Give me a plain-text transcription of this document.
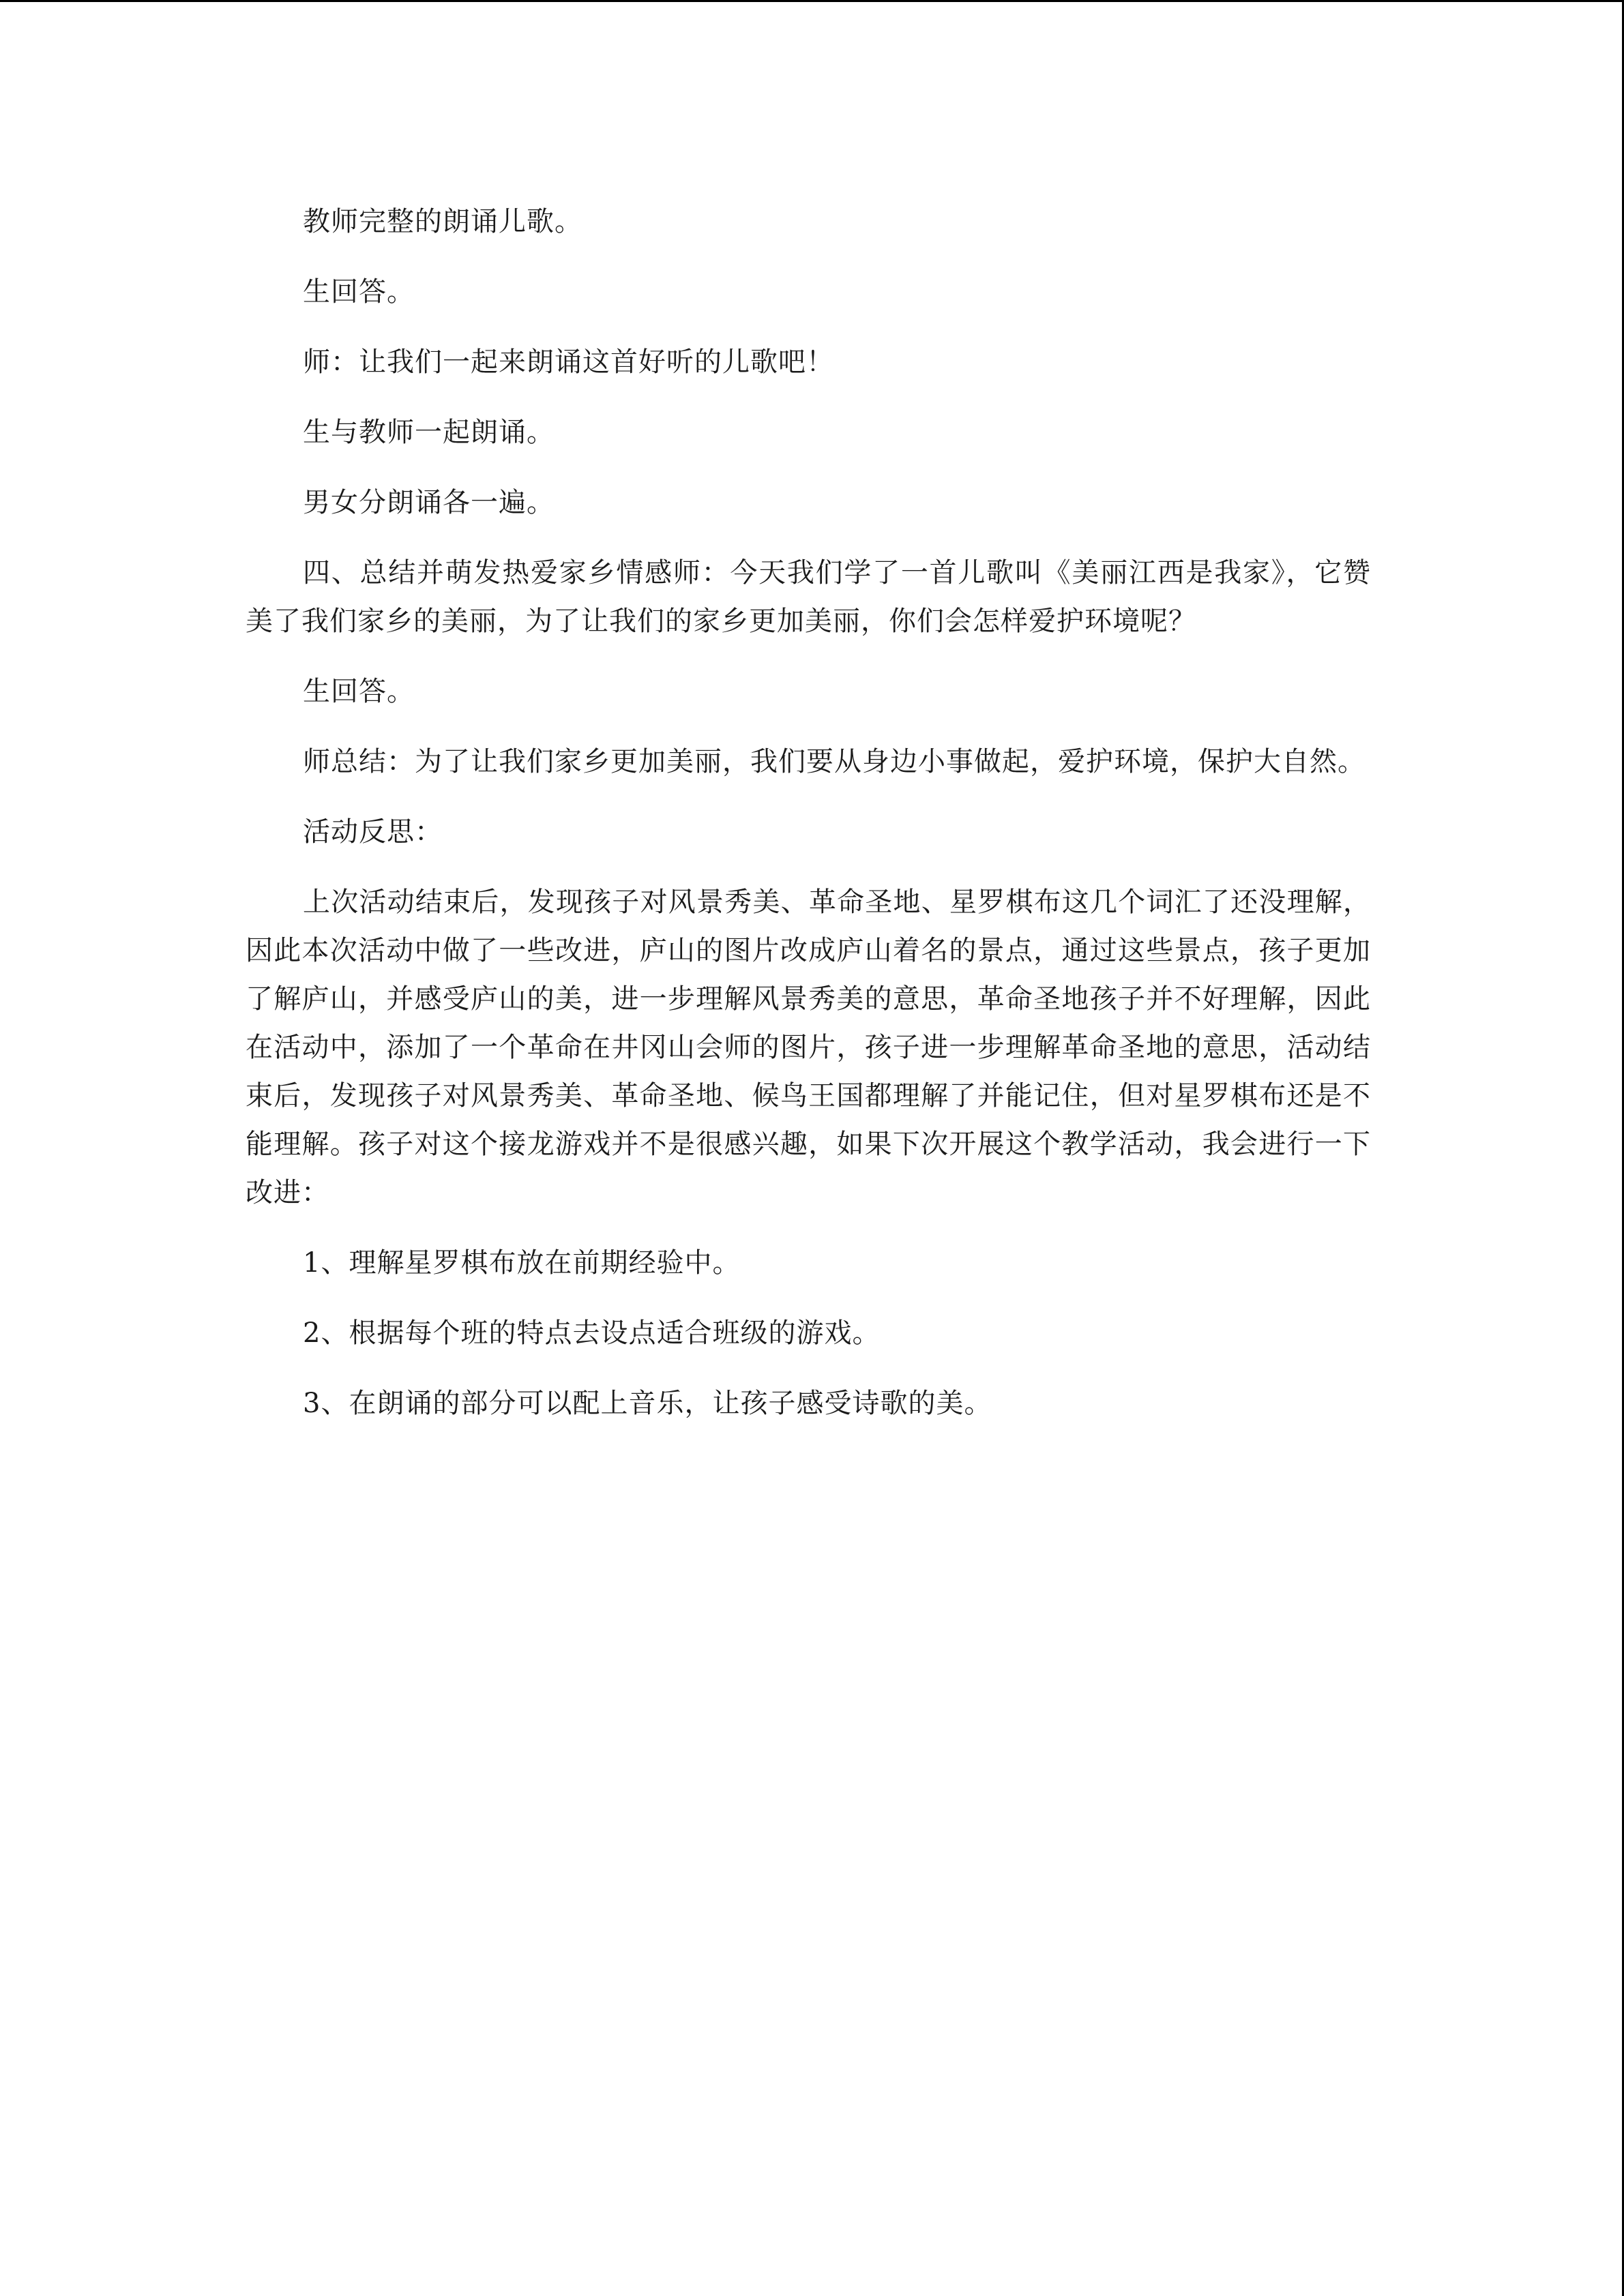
教师完整的朗诵儿歌。

生回答。

师：让我们一起来朗诵这首好听的儿歌吧！

生与教师一起朗诵。

男女分朗诵各一遍。

四、总结并萌发热爱家乡情感师：今天我们学了一首儿歌叫《美丽江西是我家》，它赞美了我们家乡的美丽，为了让我们的家乡更加美丽，你们会怎样爱护环境呢？

生回答。

师总结：为了让我们家乡更加美丽，我们要从身边小事做起，爱护环境，保护大自然。

活动反思：

上次活动结束后，发现孩子对风景秀美、革命圣地、星罗棋布这几个词汇了还没理解，因此本次活动中做了一些改进，庐山的图片改成庐山着名的景点，通过这些景点，孩子更加了解庐山，并感受庐山的美，进一步理解风景秀美的意思，革命圣地孩子并不好理解，因此在活动中，添加了一个革命在井冈山会师的图片，孩子进一步理解革命圣地的意思，活动结束后，发现孩子对风景秀美、革命圣地、候鸟王国都理解了并能记住，但对星罗棋布还是不能理解。孩子对这个接龙游戏并不是很感兴趣，如果下次开展这个教学活动，我会进行一下改进：

1、理解星罗棋布放在前期经验中。

2、根据每个班的特点去设点适合班级的游戏。

3、在朗诵的部分可以配上音乐，让孩子感受诗歌的美。
